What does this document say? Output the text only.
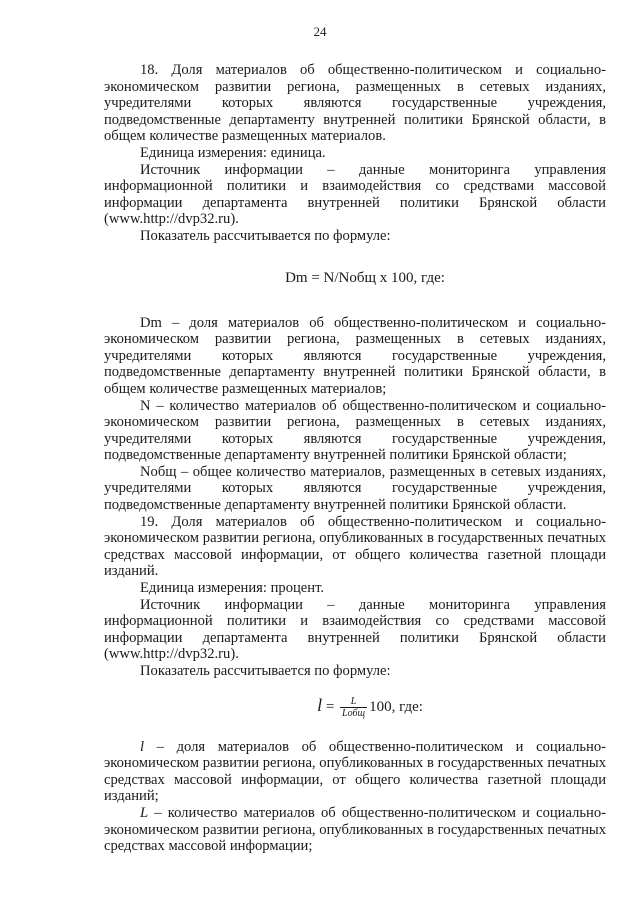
24

18. Доля материалов об общественно-политическом и социально-экономическом развитии региона, размещенных в сетевых изданиях, учредителями которых являются государственные учреждения, подведомственные департаменту внутренней политики Брянской области, в общем количестве размещенных материалов.

Единица измерения: единица.

Источник информации – данные мониторинга управления информационной политики и взаимодействия со средствами массовой информации департамента внутренней политики Брянской области (www.http://dvp32.ru).

Показатель рассчитывается по формуле:

Dm = N/Nобщ x 100, где:

Dm – доля материалов об общественно-политическом и социально-экономическом развитии региона, размещенных в сетевых изданиях, учредителями которых являются государственные учреждения, подведомственные департаменту внутренней политики Брянской области, в общем количестве размещенных материалов;

N – количество материалов об общественно-политическом и социально-экономическом развитии региона, размещенных в сетевых изданиях, учредителями которых являются государственные учреждения, подведомственные департаменту внутренней политики Брянской области;

Nобщ – общее количество материалов, размещенных в сетевых изданиях, учредителями которых являются государственные учреждения, подведомственные департаменту внутренней политики Брянской области.

19. Доля материалов об общественно-политическом и социально-экономическом развитии региона, опубликованных в государственных печатных средствах массовой информации, от общего количества газетной площади изданий.

Единица измерения: процент.

Источник информации – данные мониторинга управления информационной политики и взаимодействия со средствами массовой информации департамента внутренней политики Брянской области (www.http://dvp32.ru).

Показатель рассчитывается по формуле:

$l = \frac{L}{\text{Lобщ}} 100$, где:

l – доля материалов об общественно-политическом и социально-экономическом развитии региона, опубликованных в государственных печатных средствах массовой информации, от общего количества газетной площади изданий;

L – количество материалов об общественно-политическом и социально-экономическом развитии региона, опубликованных в государственных печатных средствах массовой информации;
